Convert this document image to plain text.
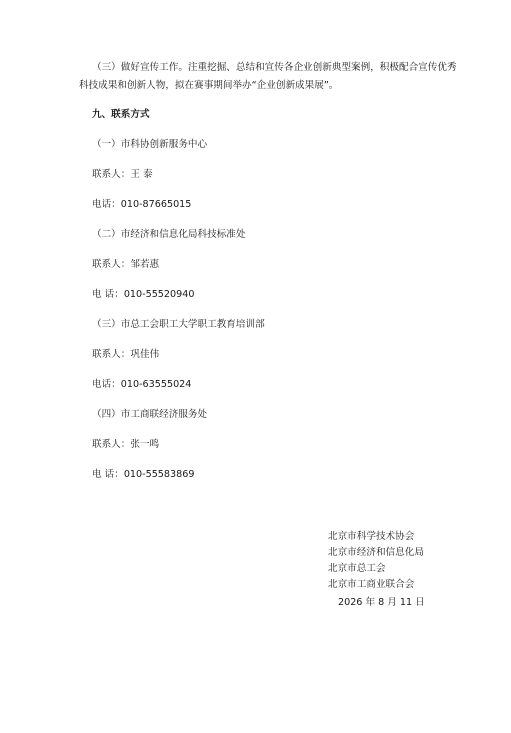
（三）做好宣传工作。注重挖掘、总结和宣传各企业创新典型案例，积极配合宣传优秀
科技成果和创新人物，拟在赛事期间举办“企业创新成果展”。
九、联系方式
（一）市科协创新服务中心
联系人：王 泰
电话：010-87665015
（二）市经济和信息化局科技标准处
联系人：邹若惠
电 话：010-55520940
（三）市总工会职工大学职工教育培训部
联系人：巩佳伟
电话：010-63555024
（四）市工商联经济服务处
联系人：张一鸣
电 话：010-55583869
北京市科学技术协会
北京市经济和信息化局
北京市总工会
北京市工商业联合会
2026 年 8 月 11 日
